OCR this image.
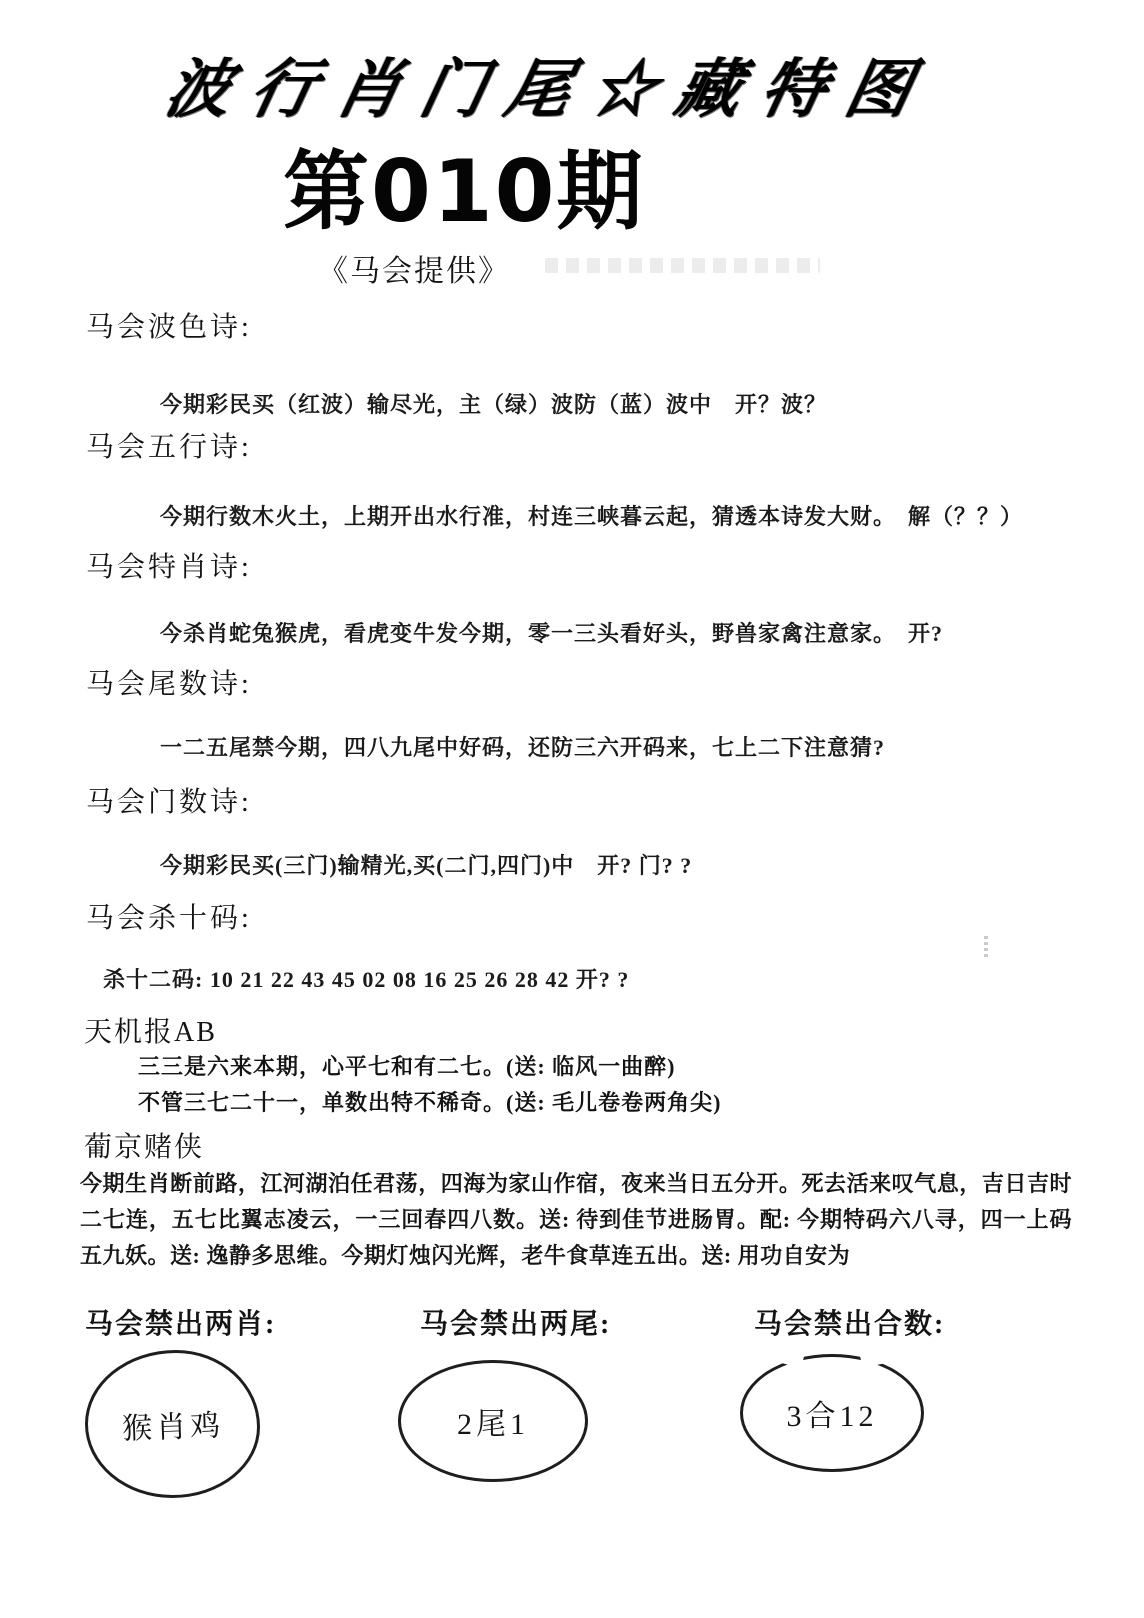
波行肖门尾☆藏特图
第010期
《马会提供》
马会波色诗:
今期彩民买（红波）输尽光，主（绿）波防（蓝）波中　开？波？
马会五行诗:
今期行数木火土，上期开出水行准，村连三峡暮云起，猜透本诗发大财。　解（？？）
马会特肖诗:
今杀肖蛇兔猴虎，看虎变牛发今期，零一三头看好头，野兽家禽注意家。　开?
马会尾数诗:
一二五尾禁今期，四八九尾中好码，还防三六开码来，七上二下注意猜?
马会门数诗:
今期彩民买(三门)输精光,买(二门,四门)中　开? 门? ?
马会杀十码:
杀十二码: 10 21 22 43 45 02 08 16 25 26 28 42 开? ?
天机报AB
三三是六来本期，心平七和有二七。(送: 临风一曲醉)
不管三七二十一，单数出特不稀奇。(送: 毛儿卷卷两角尖)
葡京赌侠
今期生肖断前路，江河湖泊任君荡，四海为家山作宿，夜来当日五分开。死去活来叹气息，吉日吉时二七连，五七比翼志凌云，一三回春四八数。送: 待到佳节进肠胃。配: 今期特码六八寻，四一上码五九妖。送: 逸静多思维。今期灯烛闪光辉，老牛食草连五出。送: 用功自安为
马会禁出两肖:	马会禁出两尾:	马会禁出合数:
猴肖鸡	2尾1	3合12
